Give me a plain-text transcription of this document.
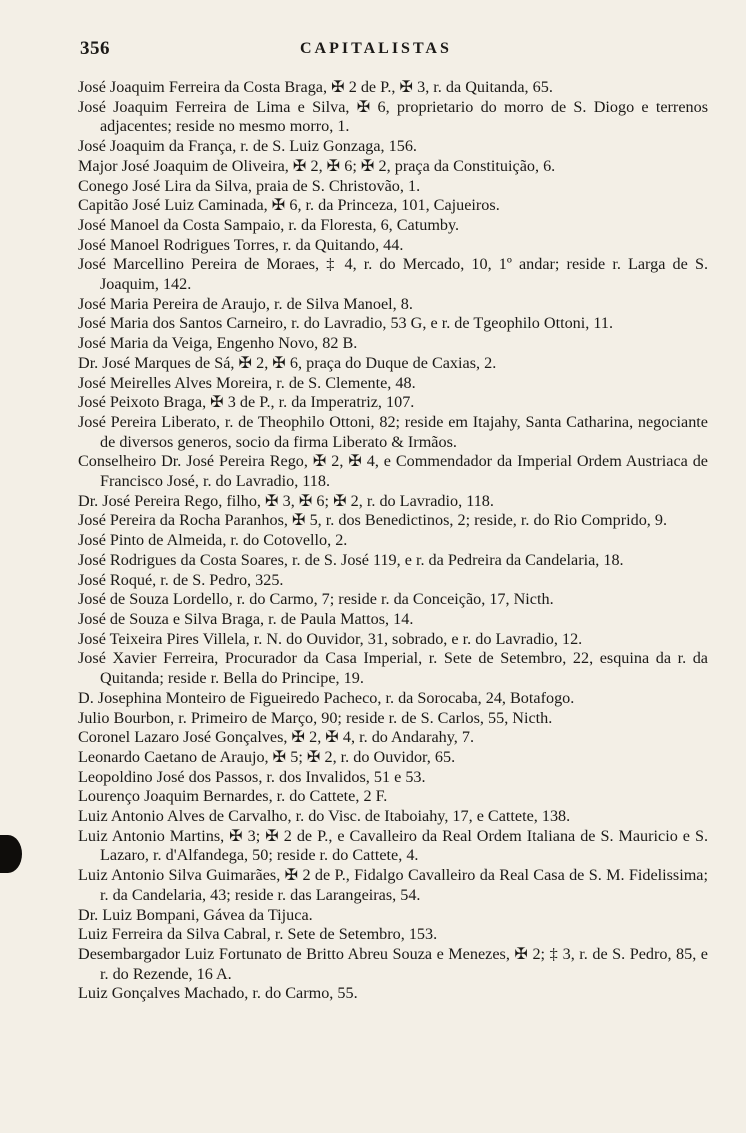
356	CAPITALISTAS

José Joaquim Ferreira da Costa Braga, ✠ 2 de P., ✠ 3, r. da Quitanda, 65.

José Joaquim Ferreira de Lima e Silva, ✠ 6, proprietario do morro de S. Diogo e terrenos adjacentes; reside no mesmo morro, 1.

José Joaquim da França, r. de S. Luiz Gonzaga, 156.

Major José Joaquim de Oliveira, ✠ 2, ✠ 6; ✠ 2, praça da Constituição, 6.

Conego José Lira da Silva, praia de S. Christovão, 1.

Capitão José Luiz Caminada, ✠ 6, r. da Princeza, 101, Cajueiros.

José Manoel da Costa Sampaio, r. da Floresta, 6, Catumby.

José Manoel Rodrigues Torres, r. da Quitando, 44.

José Marcellino Pereira de Moraes, ‡ 4, r. do Mercado, 10, 1º andar; reside r. Larga de S. Joaquim, 142.

José Maria Pereira de Araujo, r. de Silva Manoel, 8.

José Maria dos Santos Carneiro, r. do Lavradio, 53 G, e r. de Tgeophilo Ottoni, 11.

José Maria da Veiga, Engenho Novo, 82 B.

Dr. José Marques de Sá, ✠ 2, ✠ 6, praça do Duque de Caxias, 2.

José Meirelles Alves Moreira, r. de S. Clemente, 48.

José Peixoto Braga, ✠ 3 de P., r. da Imperatriz, 107.

José Pereira Liberato, r. de Theophilo Ottoni, 82; reside em Itajahy, Santa Catharina, negociante de diversos generos, socio da firma Liberato & Irmãos.

Conselheiro Dr. José Pereira Rego, ✠ 2, ✠ 4, e Commendador da Imperial Ordem Austriaca de Francisco José, r. do Lavradio, 118.

Dr. José Pereira Rego, filho, ✠ 3, ✠ 6; ✠ 2, r. do Lavradio, 118.

José Pereira da Rocha Paranhos, ✠ 5, r. dos Benedictinos, 2; reside, r. do Rio Comprido, 9.

José Pinto de Almeida, r. do Cotovello, 2.

José Rodrigues da Costa Soares, r. de S. José 119, e r. da Pedreira da Candelaria, 18.

José Roqué, r. de S. Pedro, 325.

José de Souza Lordello, r. do Carmo, 7; reside r. da Conceição, 17, Nicth.

José de Souza e Silva Braga, r. de Paula Mattos, 14.

José Teixeira Pires Villela, r. N. do Ouvidor, 31, sobrado, e r. do Lavradio, 12.

José Xavier Ferreira, Procurador da Casa Imperial, r. Sete de Setembro, 22, esquina da r. da Quitanda; reside r. Bella do Principe, 19.

D. Josephina Monteiro de Figueiredo Pacheco, r. da Sorocaba, 24, Botafogo.

Julio Bourbon, r. Primeiro de Março, 90; reside r. de S. Carlos, 55, Nicth.

Coronel Lazaro José Gonçalves, ✠ 2, ✠ 4, r. do Andarahy, 7.

Leonardo Caetano de Araujo, ✠ 5; ✠ 2, r. do Ouvidor, 65.

Leopoldino José dos Passos, r. dos Invalidos, 51 e 53.

Lourenço Joaquim Bernardes, r. do Cattete, 2 F.

Luiz Antonio Alves de Carvalho, r. do Visc. de Itaboiahy, 17, e Cattete, 138.

Luiz Antonio Martins, ✠ 3; ✠ 2 de P., e Cavalleiro da Real Ordem Italiana de S. Mauricio e S. Lazaro, r. d'Alfandega, 50; reside r. do Cattete, 4.

Luiz Antonio Silva Guimarães, ✠ 2 de P., Fidalgo Cavalleiro da Real Casa de S. M. Fidelissima; r. da Candelaria, 43; reside r. das Larangeiras, 54.

Dr. Luiz Bompani, Gávea da Tijuca.

Luiz Ferreira da Silva Cabral, r. Sete de Setembro, 153.

Desembargador Luiz Fortunato de Britto Abreu Souza e Menezes, ✠ 2; ‡ 3, r. de S. Pedro, 85, e r. do Rezende, 16 A.

Luiz Gonçalves Machado, r. do Carmo, 55.
